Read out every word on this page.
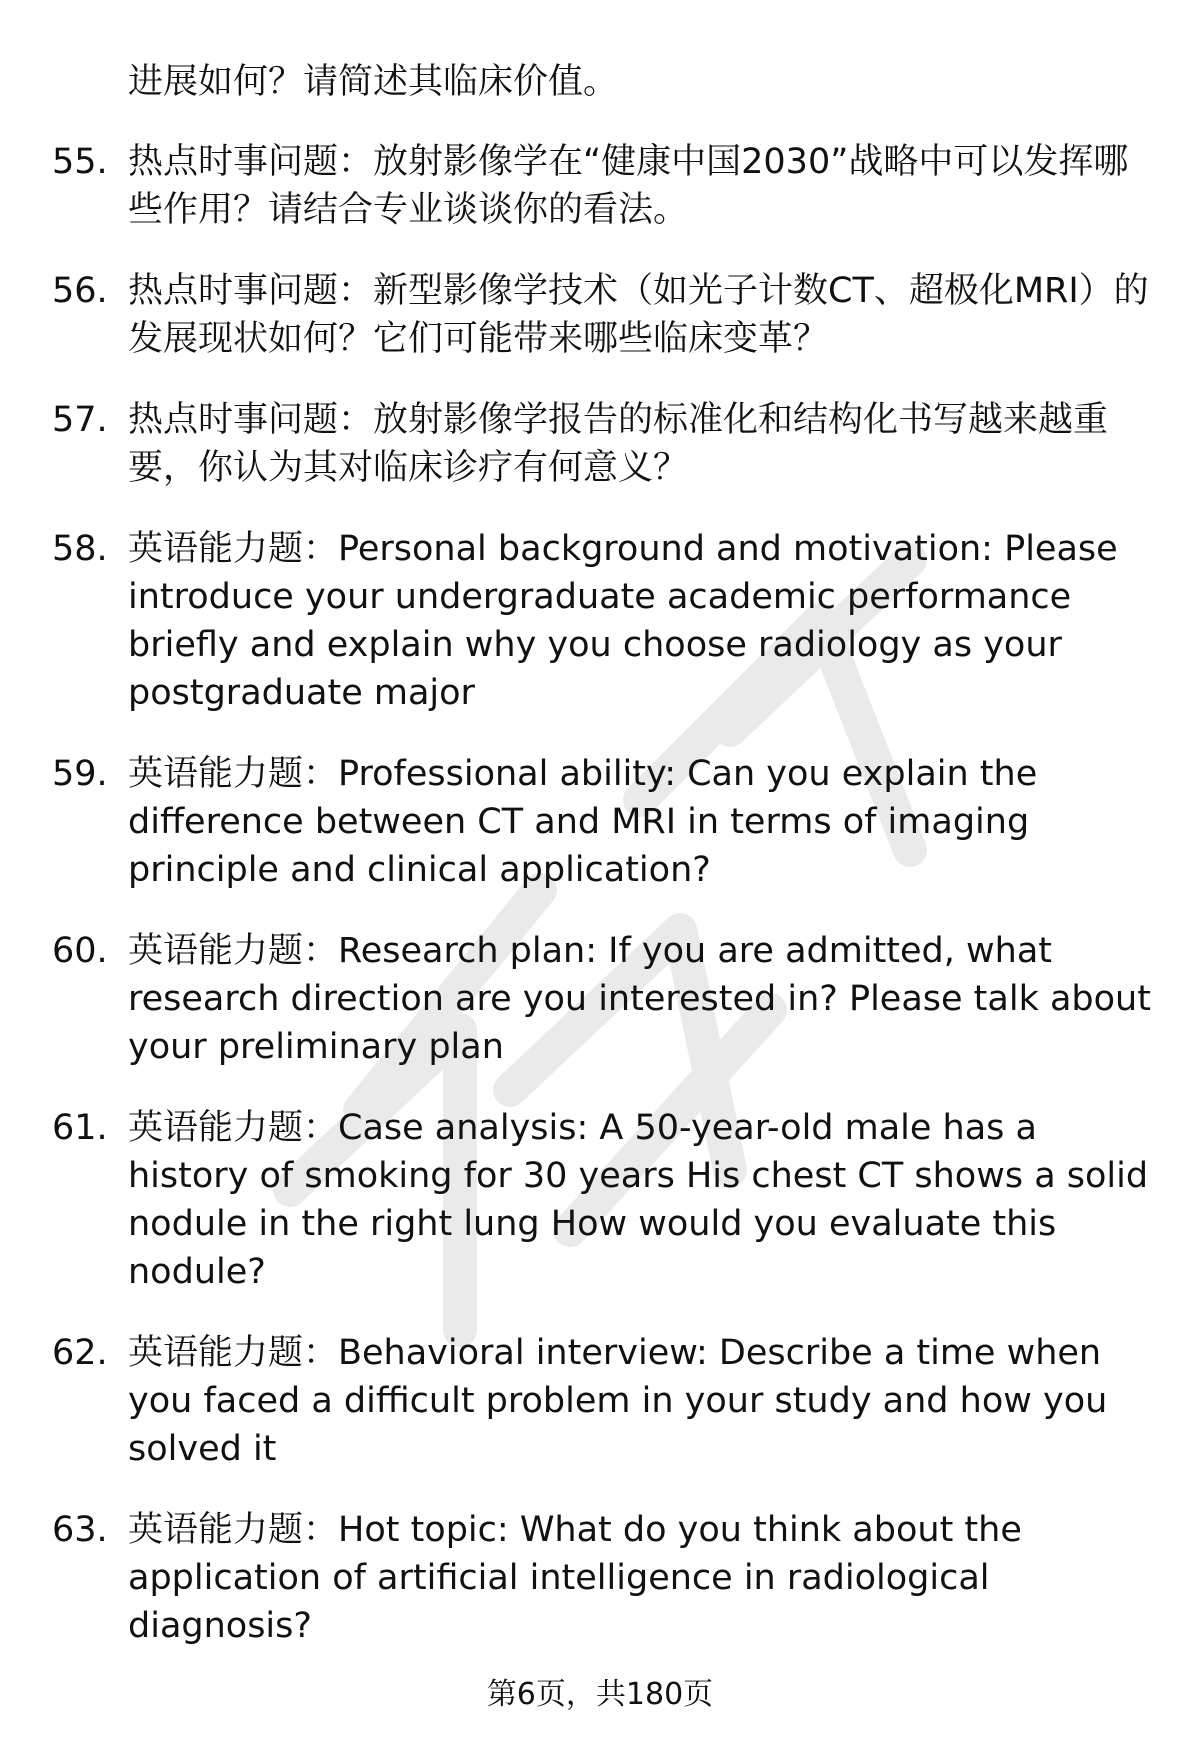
进展如何？请简述其临床价值。

55. 热点时事问题：放射影像学在“健康中国2030”战略中可以发挥哪些作用？请结合专业谈谈你的看法。
56. 热点时事问题：新型影像学技术（如光子计数CT、超极化MRI）的发展现状如何？它们可能带来哪些临床变革？
57. 热点时事问题：放射影像学报告的标准化和结构化书写越来越重要，你认为其对临床诊疗有何意义？
58. 英语能力题：Personal background and motivation: Please introduce your undergraduate academic performance briefly and explain why you choose radiology as your postgraduate major
59. 英语能力题：Professional ability: Can you explain the difference between CT and MRI in terms of imaging principle and clinical application?
60. 英语能力题：Research plan: If you are admitted, what research direction are you interested in? Please talk about your preliminary plan
61. 英语能力题：Case analysis: A 50-year-old male has a history of smoking for 30 years His chest CT shows a solid nodule in the right lung How would you evaluate this nodule?
62. 英语能力题：Behavioral interview: Describe a time when you faced a difficult problem in your study and how you solved it
63. 英语能力题：Hot topic: What do you think about the application of artificial intelligence in radiological diagnosis?
第6页，共180页
